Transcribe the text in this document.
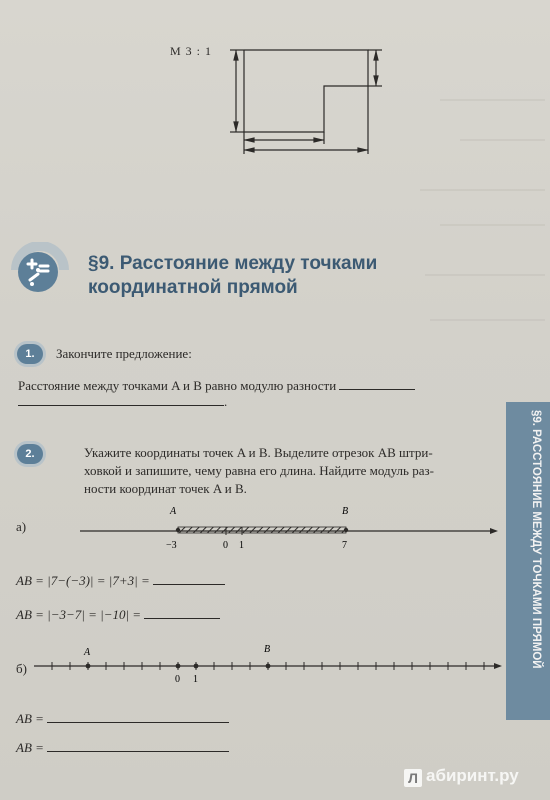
М 3 : 1
§9. Расстояние между точками
координатной прямой
1.	Закончите предложение:
Расстояние между точками A и B равно модулю разности
.
2.	Укажите координаты точек A и B. Выделите отрезок AB штри-
ховкой и запишите, чему равна его длина. Найдите модуль раз-
ности координат точек A и B.
а)
A	B
−3	0 1	7
AB = |7−(−3)| = |7+3| =
AB = |−3−7| = |−10| =
б)
A	B
0 1
AB =
AB =
§9. РАССТОЯНИЕ МЕЖДУ ТОЧКАМИ ПРЯМОЙ
Л абиринт.ру
